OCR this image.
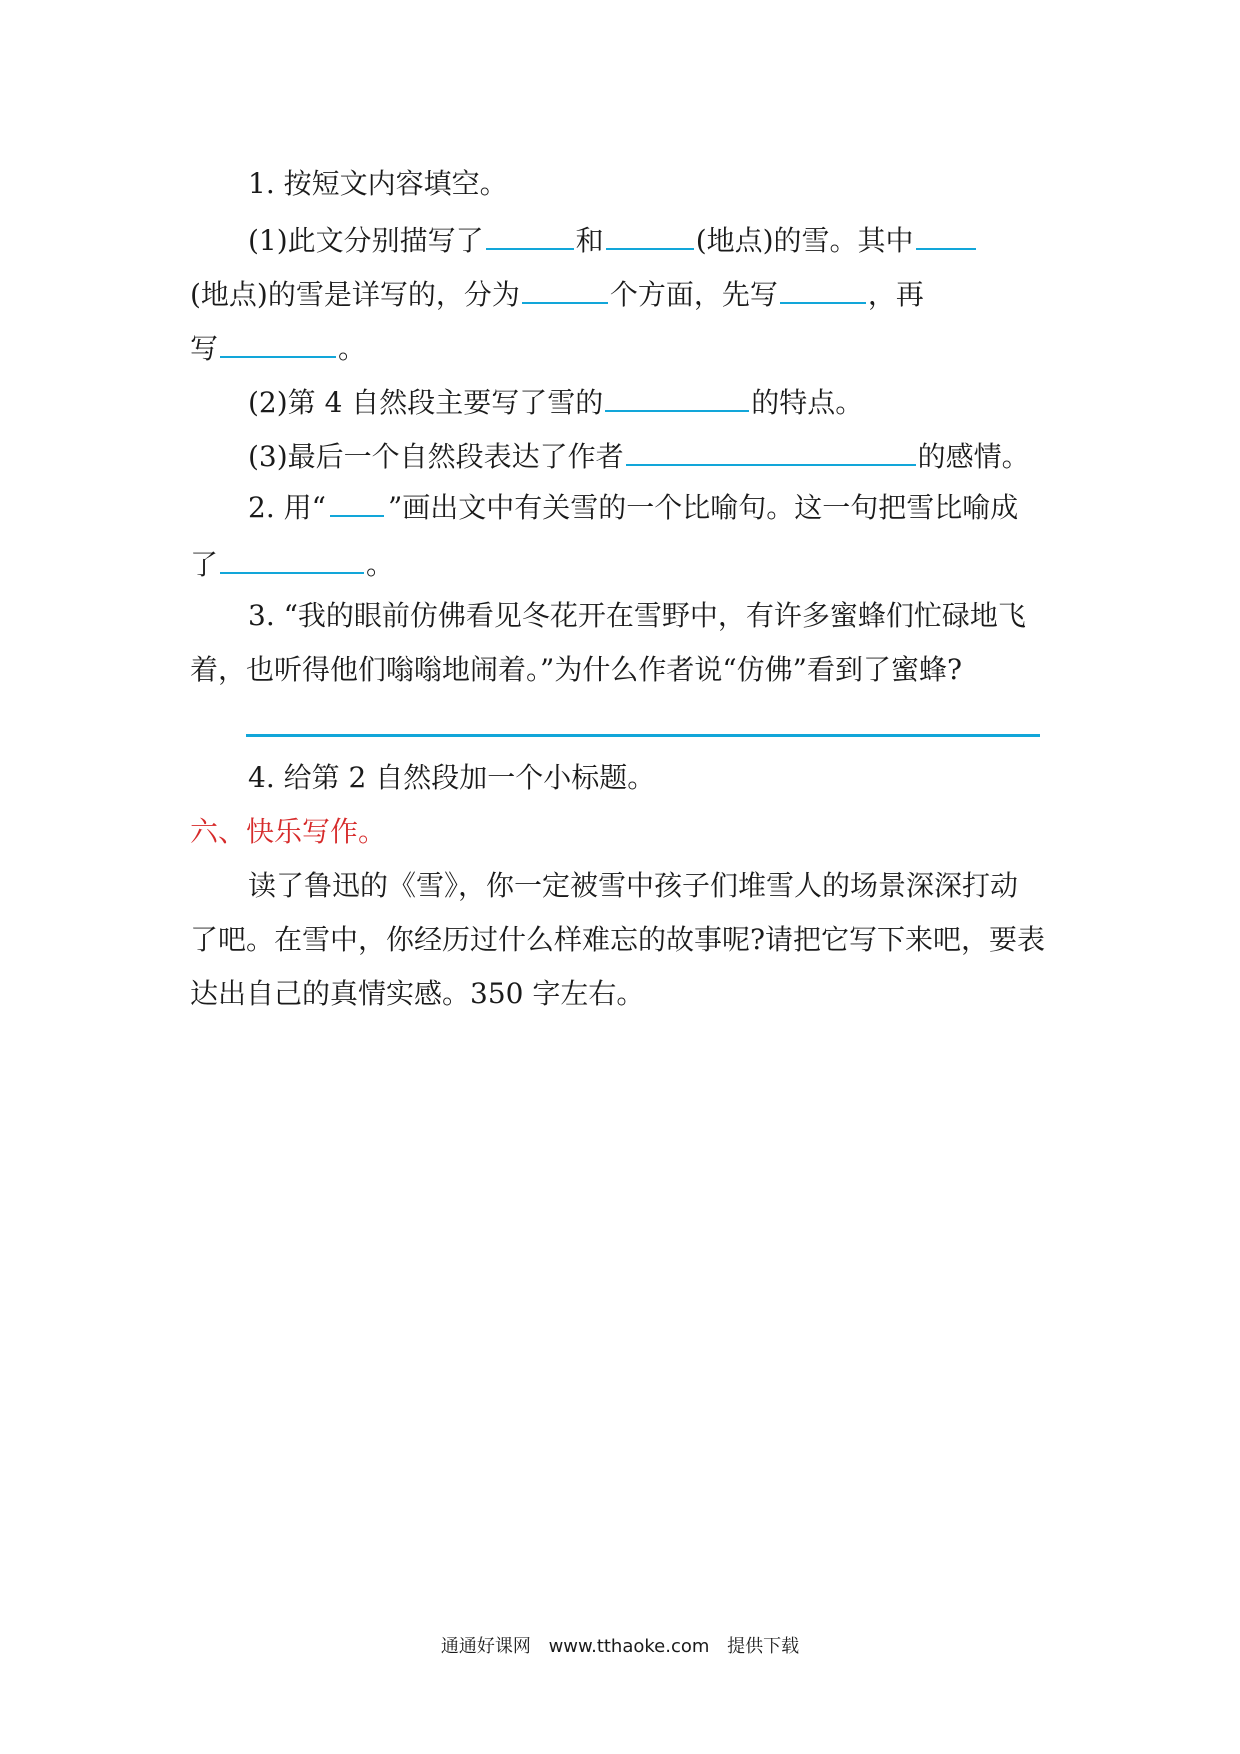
1. 按短文内容填空。
(1)此文分别描写了	和	(地点)的雪。其中
(地点)的雪是详写的，分为	个方面，先写	，再
写	。
(2)第 4 自然段主要写了雪的	的特点。
(3)最后一个自然段表达了作者	的感情。
2. 用“ ”画出文中有关雪的一个比喻句。这一句把雪比喻成
了	。
3. “我的眼前仿佛看见冬花开在雪野中，有许多蜜蜂们忙碌地飞
着，也听得他们嗡嗡地闹着。”为什么作者说“仿佛”看到了蜜蜂?
4. 给第 2 自然段加一个小标题。
六、快乐写作。
读了鲁迅的《雪》，你一定被雪中孩子们堆雪人的场景深深打动
了吧。在雪中，你经历过什么样难忘的故事呢?请把它写下来吧，要表
达出自己的真情实感。350 字左右。
通通好课网 www.tthaoke.com 提供下载
